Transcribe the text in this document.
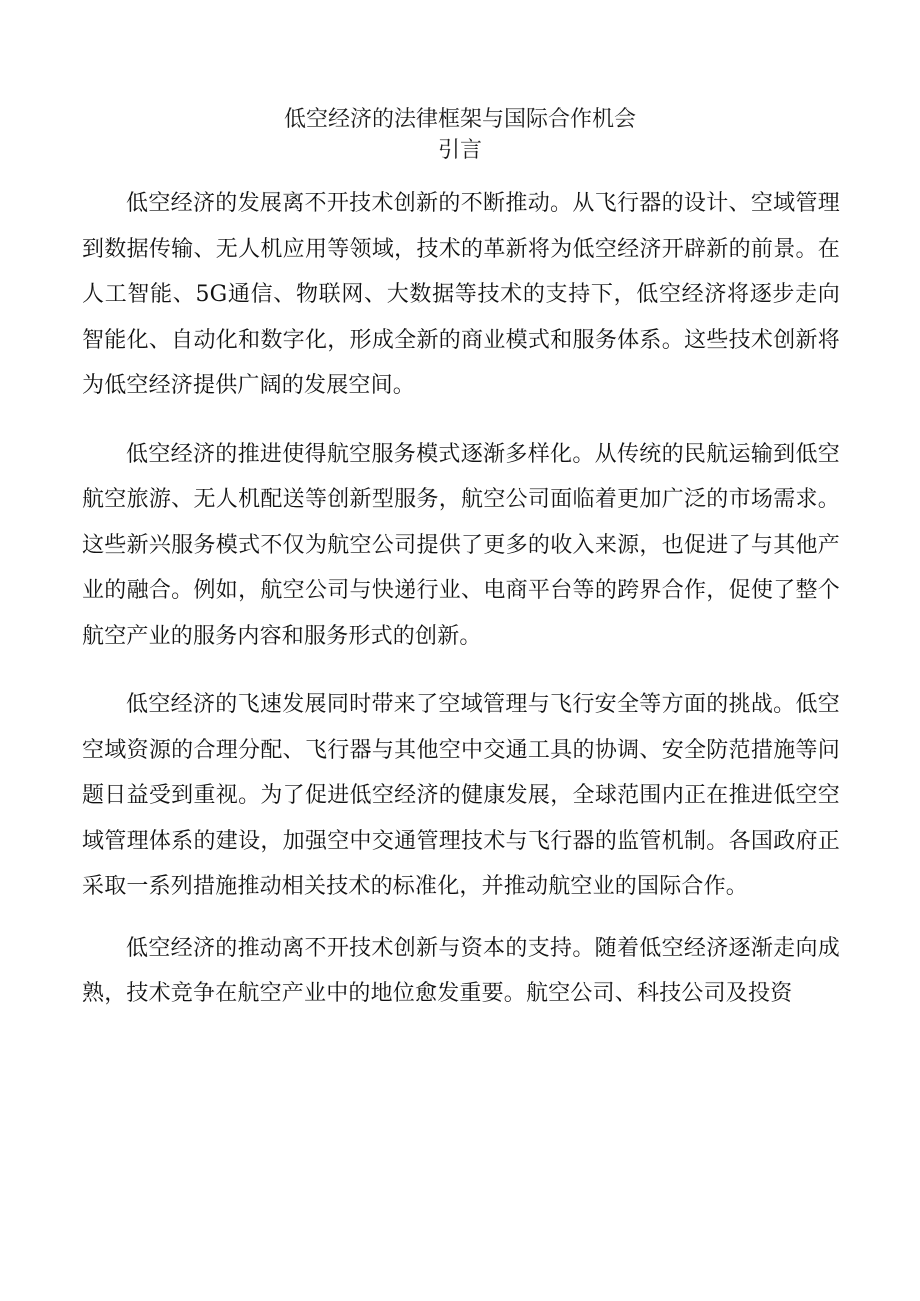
低空经济的法律框架与国际合作机会
引言

低空经济的发展离不开技术创新的不断推动。从飞行器的设计、空域管理到数据传输、无人机应用等领域，技术的革新将为低空经济开辟新的前景。在人工智能、5G通信、物联网、大数据等技术的支持下，低空经济将逐步走向智能化、自动化和数字化，形成全新的商业模式和服务体系。这些技术创新将为低空经济提供广阔的发展空间。

低空经济的推进使得航空服务模式逐渐多样化。从传统的民航运输到低空航空旅游、无人机配送等创新型服务，航空公司面临着更加广泛的市场需求。这些新兴服务模式不仅为航空公司提供了更多的收入来源，也促进了与其他产业的融合。例如，航空公司与快递行业、电商平台等的跨界合作，促使了整个航空产业的服务内容和服务形式的创新。

低空经济的飞速发展同时带来了空域管理与飞行安全等方面的挑战。低空空域资源的合理分配、飞行器与其他空中交通工具的协调、安全防范措施等问题日益受到重视。为了促进低空经济的健康发展，全球范围内正在推进低空空域管理体系的建设，加强空中交通管理技术与飞行器的监管机制。各国政府正采取一系列措施推动相关技术的标准化，并推动航空业的国际合作。

低空经济的推动离不开技术创新与资本的支持。随着低空经济逐渐走向成熟，技术竞争在航空产业中的地位愈发重要。航空公司、科技公司及投资
